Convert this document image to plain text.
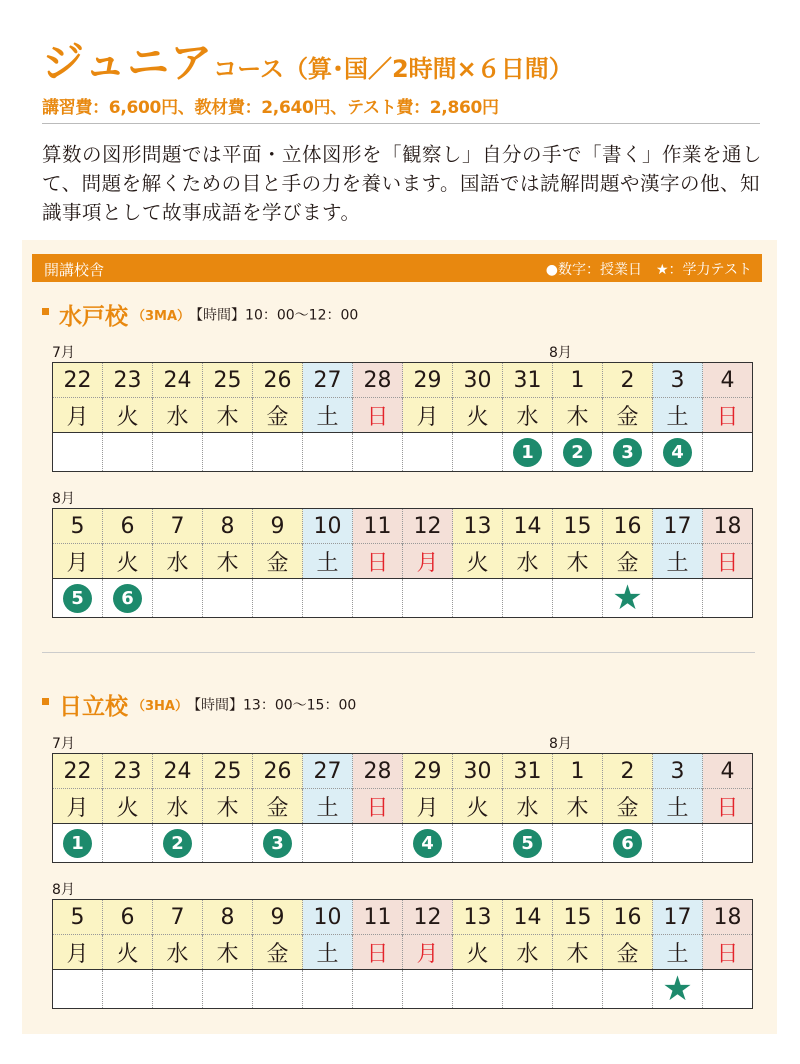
ジュニアコース（算･国／2時間×６日間）
講習費：6,600円、教材費：2,640円、テスト費：2,860円
算数の図形問題では平面・立体図形を「観察し」自分の手で「書く」作業を通して、問題を解くための目と手の力を養います。国語では読解問題や漢字の他、知識事項として故事成語を学びます。
開講校舎	●数字：授業日　★：学力テスト
水戸校 （3MA） 【時間】10：00～12：00
7月	8月
22	23	24	25	26	27	28	29	30	31	1	2	3	4
月	火	水	木	金	土	日	月	火	水	木	金	土	日
									1	2	3	4	
8月
5	6	7	8	9	10	11	12	13	14	15	16	17	18
月	火	水	木	金	土	日	月	火	水	木	金	土	日
5	6										★		
日立校 （3HA） 【時間】13：00～15：00
7月	8月
22	23	24	25	26	27	28	29	30	31	1	2	3	4
月	火	水	木	金	土	日	月	火	水	木	金	土	日
1		2		3			4		5		6		
8月
5	6	7	8	9	10	11	12	13	14	15	16	17	18
月	火	水	木	金	土	日	月	火	水	木	金	土	日
												★	
